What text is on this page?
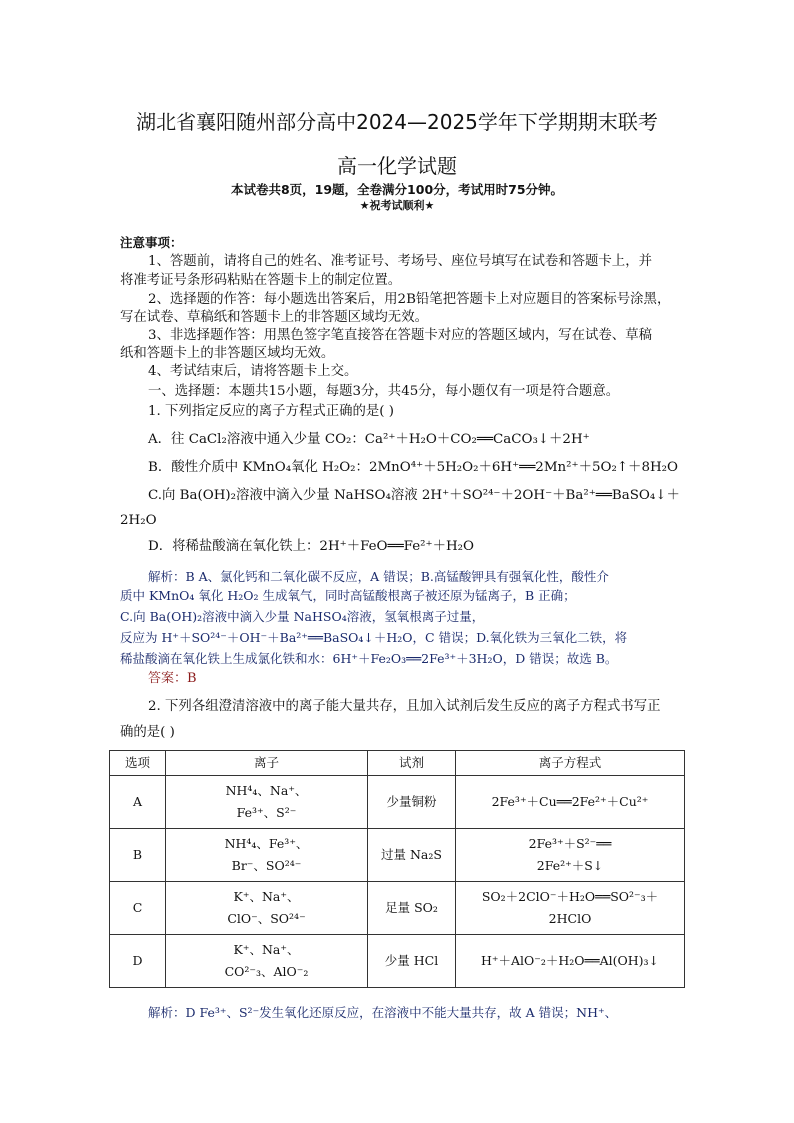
湖北省襄阳随州部分高中2024—2025学年下学期期末联考
高一化学试题
本试卷共8页，19题，全卷满分100分，考试用时75分钟。
★祝考试顺利★
注意事项：
1、答题前，请将自己的姓名、准考证号、考场号、座位号填写在试卷和答题卡上，并
将准考证号条形码粘贴在答题卡上的制定位置。
2、选择题的作答：每小题选出答案后，用2B铅笔把答题卡上对应题目的答案标号涂黑，
写在试卷、草稿纸和答题卡上的非答题区域均无效。
3、非选择题作答：用黑色签字笔直接答在答题卡对应的答题区域内，写在试卷、草稿
纸和答题卡上的非答题区域均无效。
4、考试结束后，请将答题卡上交。
一、选择题：本题共15小题，每题3分，共45分，每小题仅有一项是符合题意。
1. 下列指定反应的离子方程式正确的是( )
A．往 CaCl₂溶液中通入少量 CO₂：Ca²⁺＋H₂O＋CO₂══CaCO₃↓＋2H⁺
B．酸性介质中 KMnO₄氧化 H₂O₂：2MnO⁴⁺＋5H₂O₂＋6H⁺══2Mn²⁺＋5O₂↑＋8H₂O
C.向 Ba(OH)₂溶液中滴入少量 NaHSO₄溶液 2H⁺＋SO²⁴⁻＋2OH⁻＋Ba²⁺══BaSO₄↓＋
2H₂O
D．将稀盐酸滴在氧化铁上：2H⁺＋FeO══Fe²⁺＋H₂O
解析：B A、氯化钙和二氧化碳不反应，A 错误；B.高锰酸钾具有强氧化性，酸性介
质中 KMnO₄ 氧化 H₂O₂ 生成氧气，同时高锰酸根离子被还原为锰离子，B 正确；
C.向 Ba(OH)₂溶液中滴入少量 NaHSO₄溶液，氢氧根离子过量，
反应为 H⁺＋SO²⁴⁻＋OH⁻＋Ba²⁺══BaSO₄↓＋H₂O，C 错误；D.氧化铁为三氧化二铁，将
稀盐酸滴在氧化铁上生成氯化铁和水：6H⁺＋Fe₂O₃══2Fe³⁺＋3H₂O，D 错误；故选 B。
答案：B
2. 下列各组澄清溶液中的离子能大量共存，且加入试剂后发生反应的离子方程式书写正
确的是( )
选项	离子	试剂	离子方程式
A	NH⁴₄、Na⁺、
Fe³⁺、S²⁻	少量铜粉	2Fe³⁺＋Cu══2Fe²⁺＋Cu²⁺

B	NH⁴₄、Fe³⁺、
Br⁻、SO²⁴⁻	过量 Na₂S	2Fe³⁺＋S²⁻══
2Fe²⁺＋S↓

C	K⁺、Na⁺、
ClO⁻、SO²⁴⁻	足量 SO₂	SO₂＋2ClO⁻＋H₂O══SO²⁻₃＋
2HClO

D	K⁺、Na⁺、
CO²⁻₃、AlO⁻₂	少量 HCl	H⁺＋AlO⁻₂＋H₂O══Al(OH)₃↓
解析：D Fe³⁺、S²⁻发生氧化还原反应，在溶液中不能大量共存，故 A 错误；NH⁺、
